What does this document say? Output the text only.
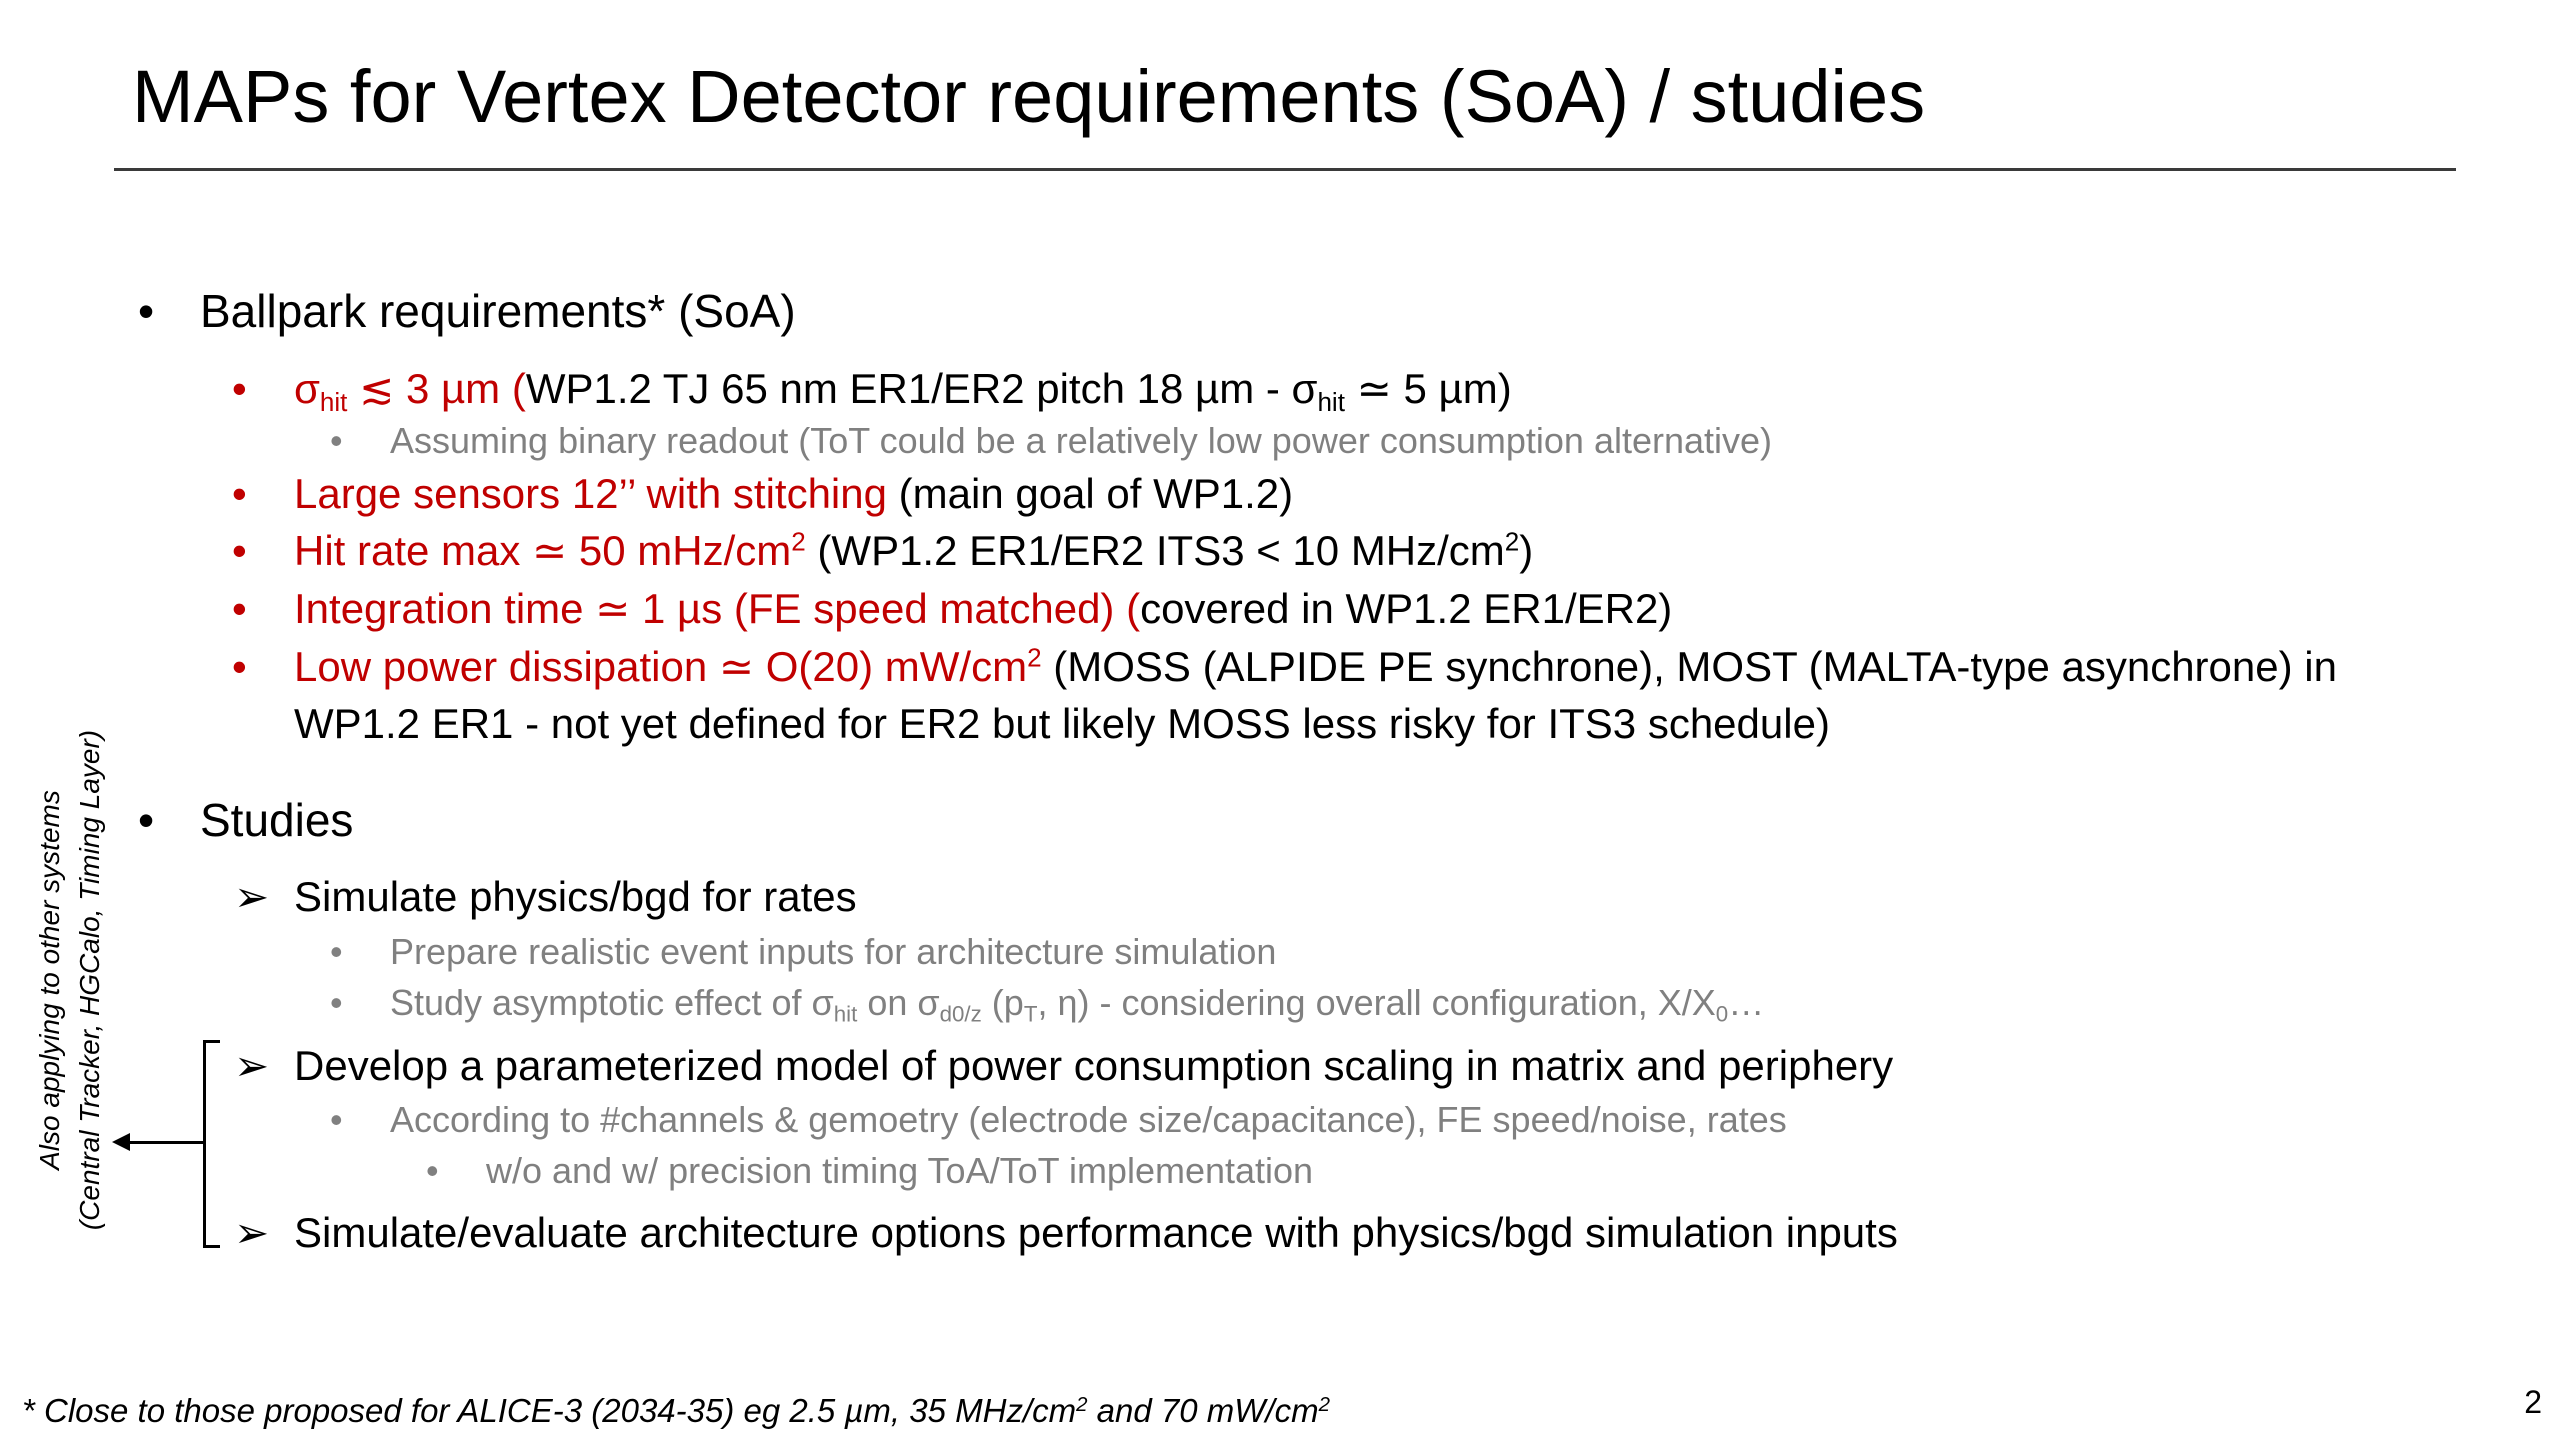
MAPs for Vertex Detector requirements (SoA) / studies
• Ballpark requirements* (SoA)
• $\sigma_{hit}$ ≲ 3 µm (WP1.2 TJ 65 nm ER1/ER2 pitch 18 µm - $\sigma_{hit}$ ≃ 5 µm)
• Assuming binary readout (ToT could be a relatively low power consumption alternative)
• Large sensors 12’’ with stitching (main goal of WP1.2)
• Hit rate max ≃ 50 mHz/$cm^2$ (WP1.2 ER1/ER2 ITS3 < 10 MHz/$cm^2$)
• Integration time ≃ 1 µs (FE speed matched) (covered in WP1.2 ER1/ER2)
• Low power dissipation ≃ O(20) $mW/cm^2$ (MOSS (ALPIDE PE synchrone), MOST (MALTA-type asynchrone) in
WP1.2 ER1 - not yet defined for ER2 but likely MOSS less risky for ITS3 schedule)
• Studies
➢ Simulate physics/bgd for rates
• Prepare realistic event inputs for architecture simulation
• Study asymptotic effect of $\sigma_{hit}$ on $\sigma_{d0/z}$ ($p_T$, η) - considering overall configuration, $X/X_0\dots$
➢ Develop a parameterized model of power consumption scaling in matrix and periphery
• According to #channels & gemoetry (electrode size/capacitance), FE speed/noise, rates
• w/o and w/ precision timing ToA/ToT implementation
➢ Simulate/evaluate architecture options performance with physics/bgd simulation inputs
Also applying to other systems (Central Tracker, HGCalo, Timing Layer)
* Close to those proposed for ALICE-3 (2034-35) eg 2.5 µm, 35 MHz/$cm^2$ and 70 $mW/cm^2$	2
